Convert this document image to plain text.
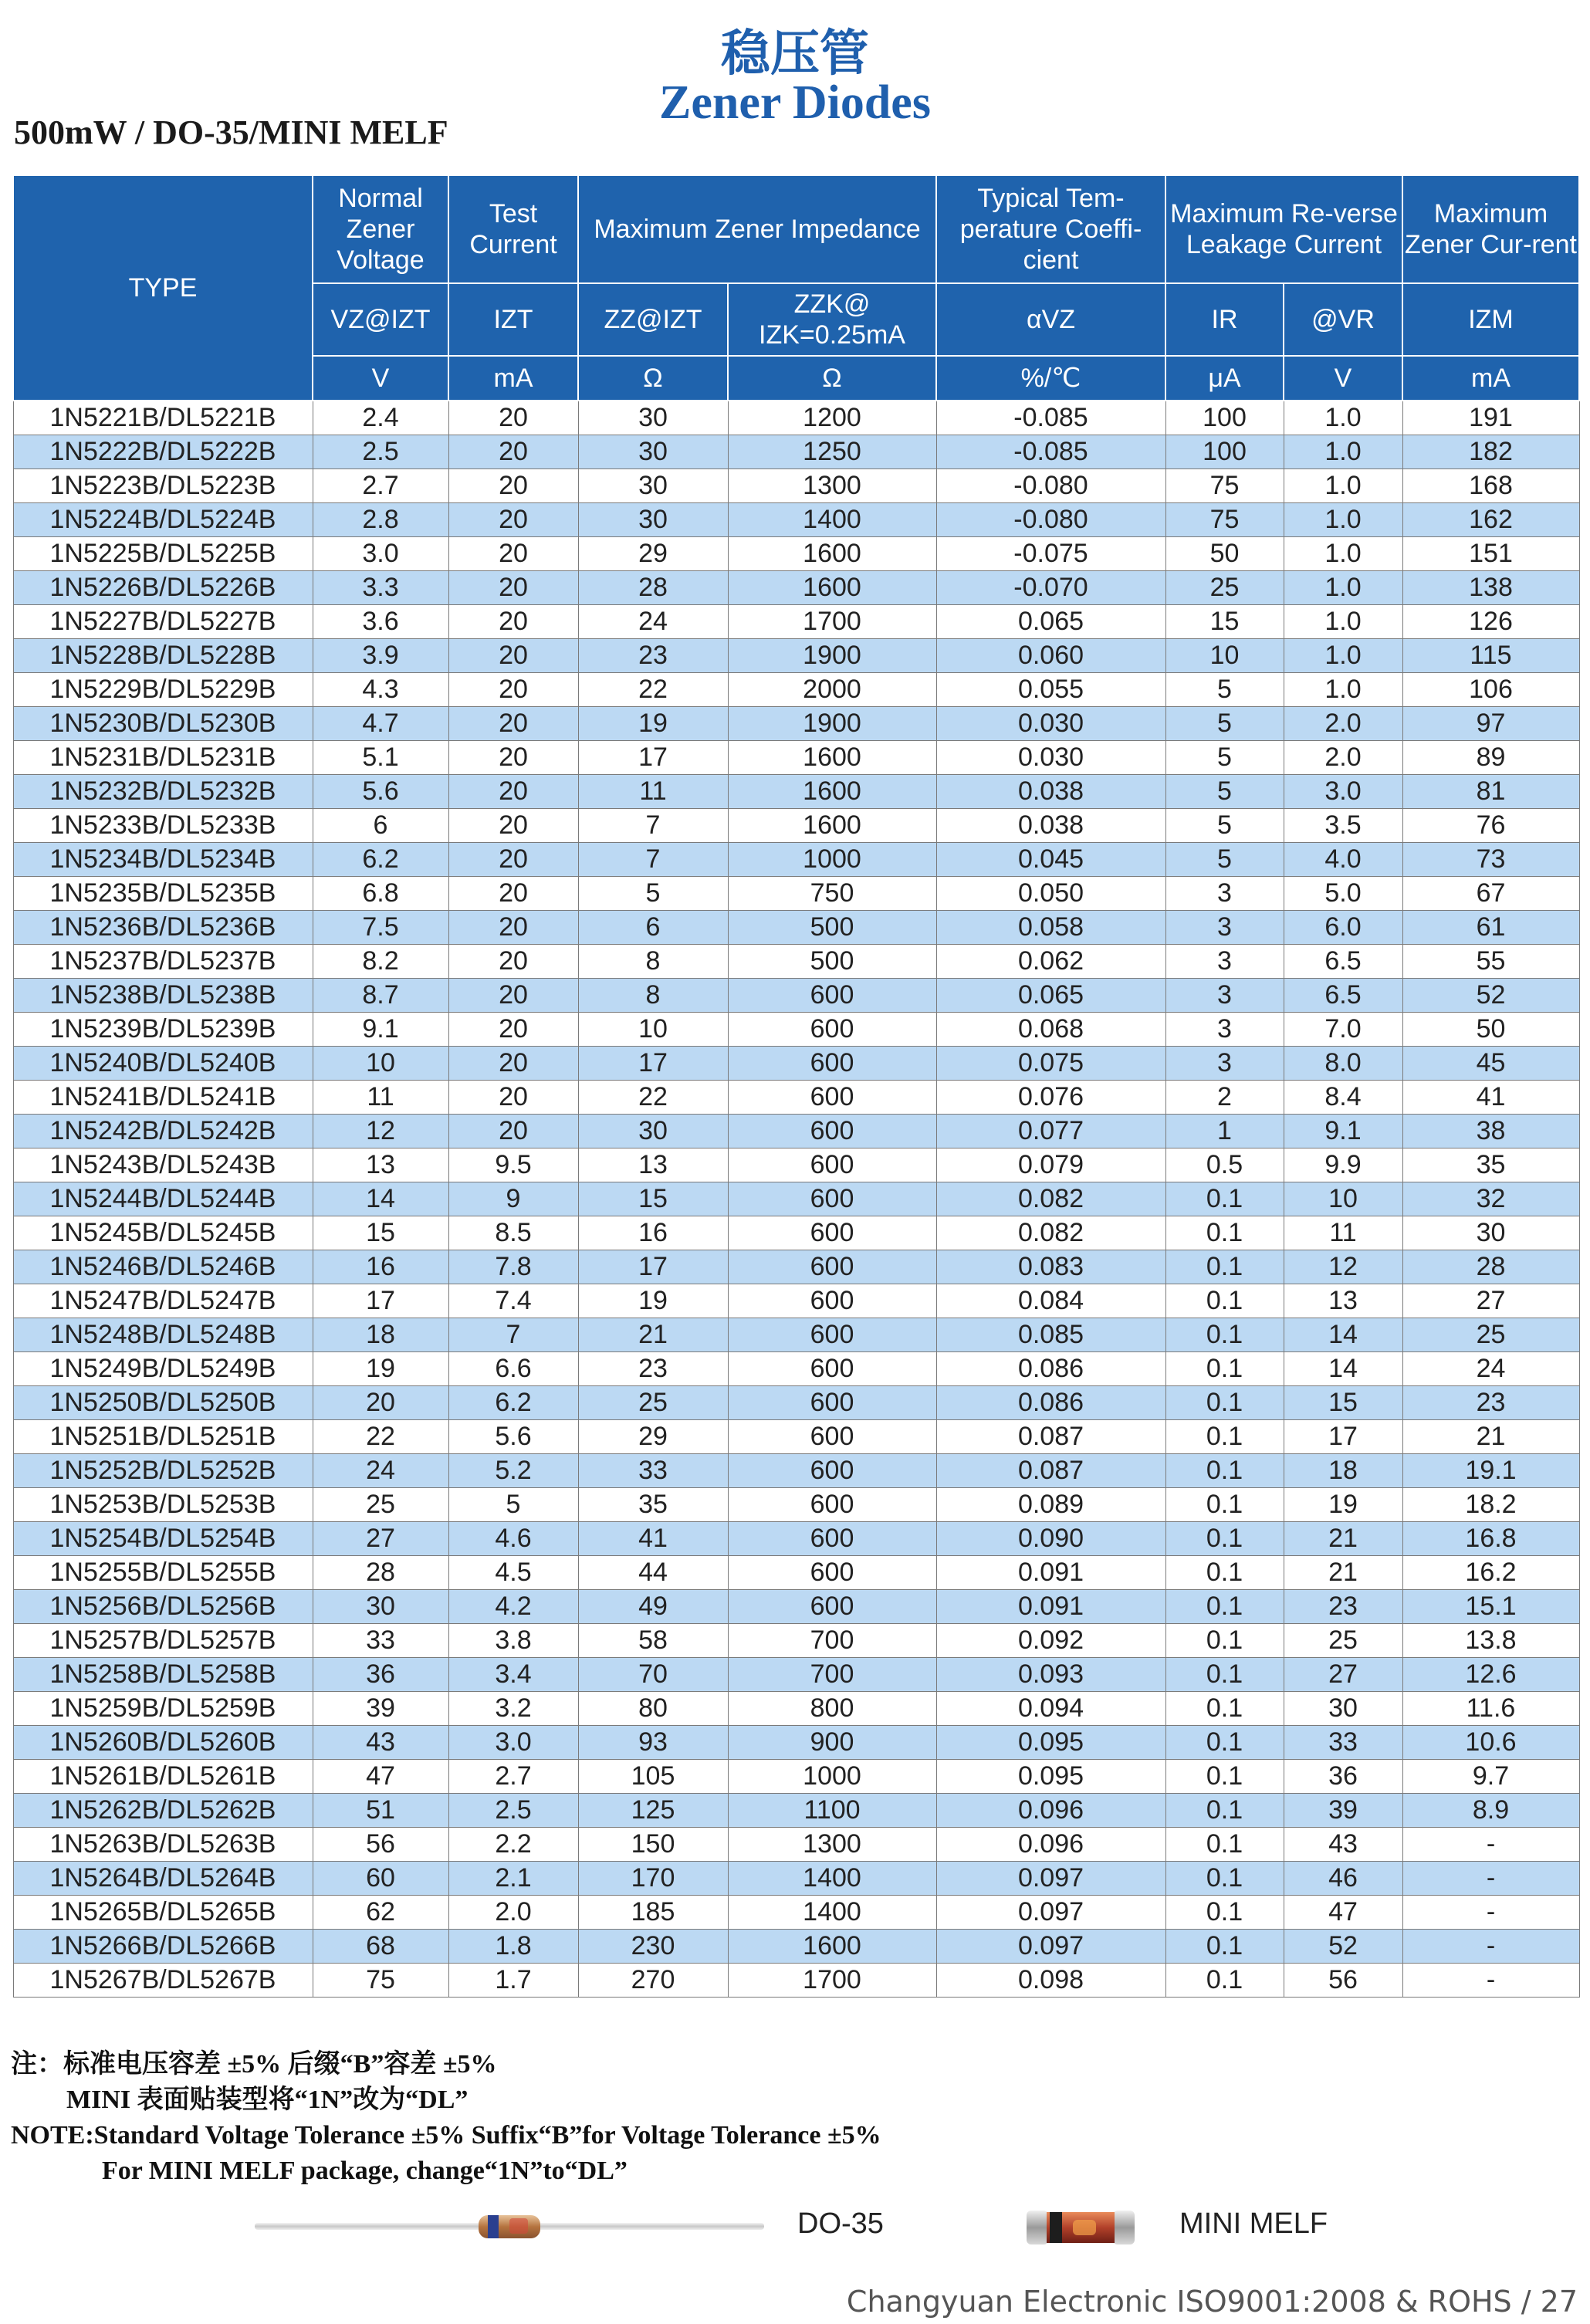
稳压管
Zener Diodes
500mW / DO-35/MINI MELF
TYPE	Normal Zener Voltage	Test Current	Maximum Zener Impedance		Typical Tem-perature Coeffi-cient	Maximum Re-verse Leakage Current		Maximum Zener Cur-rent
	VZ@IZT	IZT	ZZ@IZT	ZZK@ IZK=0.25mA	αVZ	IR	@VR	IZM
	V	mA	Ω	Ω	%/℃	μA	V	mA
1N5221B/DL5221B	2.4	20	30	1200	-0.085	100	1.0	191
1N5222B/DL5222B	2.5	20	30	1250	-0.085	100	1.0	182
1N5223B/DL5223B	2.7	20	30	1300	-0.080	75	1.0	168
1N5224B/DL5224B	2.8	20	30	1400	-0.080	75	1.0	162
1N5225B/DL5225B	3.0	20	29	1600	-0.075	50	1.0	151
1N5226B/DL5226B	3.3	20	28	1600	-0.070	25	1.0	138
1N5227B/DL5227B	3.6	20	24	1700	0.065	15	1.0	126
1N5228B/DL5228B	3.9	20	23	1900	0.060	10	1.0	115
1N5229B/DL5229B	4.3	20	22	2000	0.055	5	1.0	106
1N5230B/DL5230B	4.7	20	19	1900	0.030	5	2.0	97
1N5231B/DL5231B	5.1	20	17	1600	0.030	5	2.0	89
1N5232B/DL5232B	5.6	20	11	1600	0.038	5	3.0	81
1N5233B/DL5233B	6	20	7	1600	0.038	5	3.5	76
1N5234B/DL5234B	6.2	20	7	1000	0.045	5	4.0	73
1N5235B/DL5235B	6.8	20	5	750	0.050	3	5.0	67
1N5236B/DL5236B	7.5	20	6	500	0.058	3	6.0	61
1N5237B/DL5237B	8.2	20	8	500	0.062	3	6.5	55
1N5238B/DL5238B	8.7	20	8	600	0.065	3	6.5	52
1N5239B/DL5239B	9.1	20	10	600	0.068	3	7.0	50
1N5240B/DL5240B	10	20	17	600	0.075	3	8.0	45
1N5241B/DL5241B	11	20	22	600	0.076	2	8.4	41
1N5242B/DL5242B	12	20	30	600	0.077	1	9.1	38
1N5243B/DL5243B	13	9.5	13	600	0.079	0.5	9.9	35
1N5244B/DL5244B	14	9	15	600	0.082	0.1	10	32
1N5245B/DL5245B	15	8.5	16	600	0.082	0.1	11	30
1N5246B/DL5246B	16	7.8	17	600	0.083	0.1	12	28
1N5247B/DL5247B	17	7.4	19	600	0.084	0.1	13	27
1N5248B/DL5248B	18	7	21	600	0.085	0.1	14	25
1N5249B/DL5249B	19	6.6	23	600	0.086	0.1	14	24
1N5250B/DL5250B	20	6.2	25	600	0.086	0.1	15	23
1N5251B/DL5251B	22	5.6	29	600	0.087	0.1	17	21
1N5252B/DL5252B	24	5.2	33	600	0.087	0.1	18	19.1
1N5253B/DL5253B	25	5	35	600	0.089	0.1	19	18.2
1N5254B/DL5254B	27	4.6	41	600	0.090	0.1	21	16.8
1N5255B/DL5255B	28	4.5	44	600	0.091	0.1	21	16.2
1N5256B/DL5256B	30	4.2	49	600	0.091	0.1	23	15.1
1N5257B/DL5257B	33	3.8	58	700	0.092	0.1	25	13.8
1N5258B/DL5258B	36	3.4	70	700	0.093	0.1	27	12.6
1N5259B/DL5259B	39	3.2	80	800	0.094	0.1	30	11.6
1N5260B/DL5260B	43	3.0	93	900	0.095	0.1	33	10.6
1N5261B/DL5261B	47	2.7	105	1000	0.095	0.1	36	9.7
1N5262B/DL5262B	51	2.5	125	1100	0.096	0.1	39	8.9
1N5263B/DL5263B	56	2.2	150	1300	0.096	0.1	43	-
1N5264B/DL5264B	60	2.1	170	1400	0.097	0.1	46	-
1N5265B/DL5265B	62	2.0	185	1400	0.097	0.1	47	-
1N5266B/DL5266B	68	1.8	230	1600	0.097	0.1	52	-
1N5267B/DL5267B	75	1.7	270	1700	0.098	0.1	56	-
注：标准电压容差 ±5% 后缀“B”容差 ±5%
MINI 表面贴装型将“1N”改为“DL”
NOTE:Standard Voltage Tolerance ±5% Suffix“B”for Voltage Tolerance ±5%
For MINI MELF package, change“1N”to“DL”
DO-35	MINI MELF
Changyuan Electronic ISO9001:2008 & ROHS / 27
